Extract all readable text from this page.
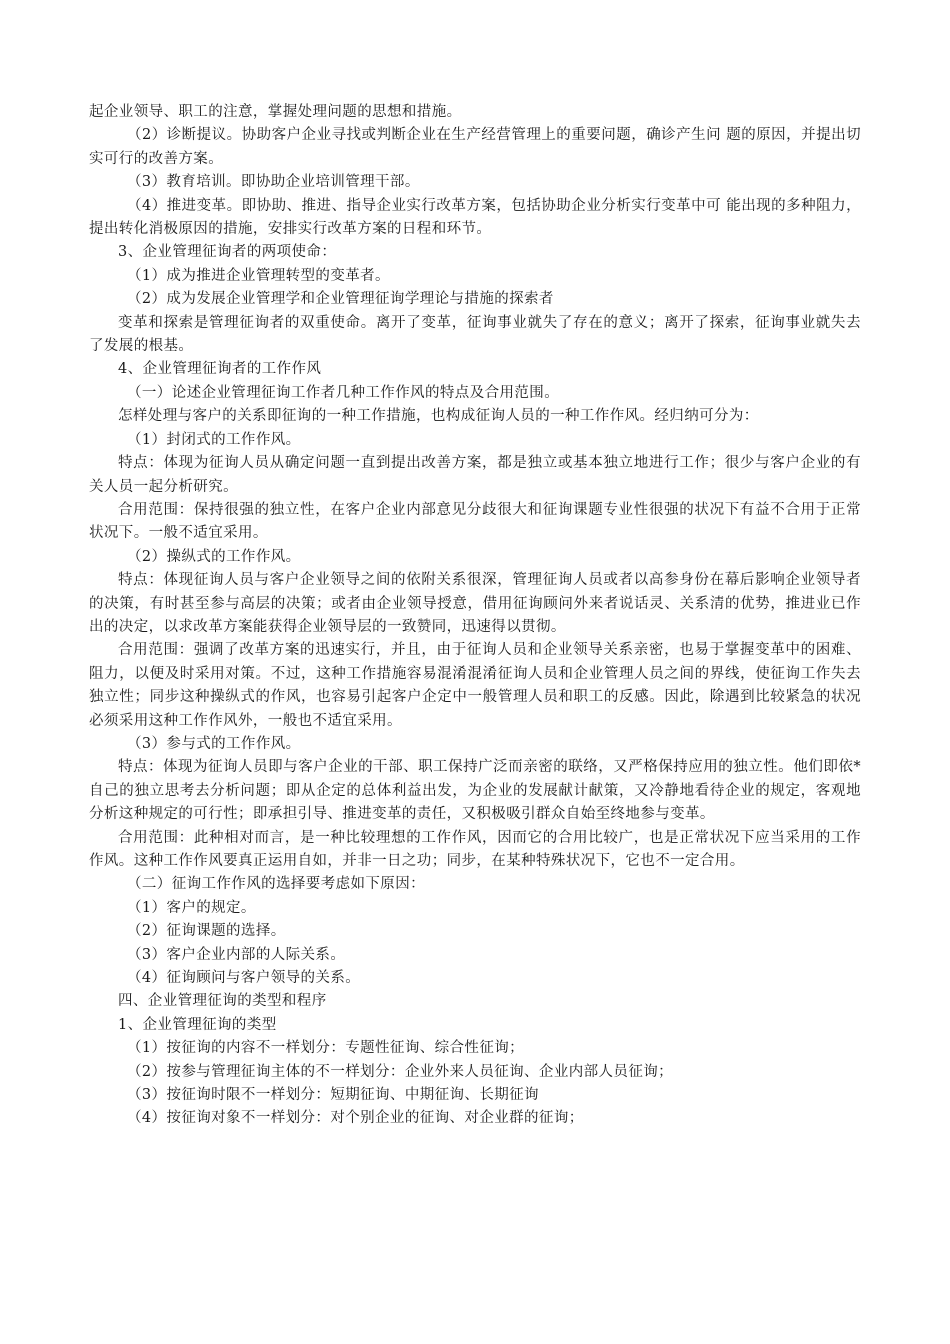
起企业领导、职工的注意，掌握处理问题的思想和措施。

（2）诊断提议。协助客户企业寻找或判断企业在生产经营管理上的重要问题，确诊产生问 题的原因，并提出切实可行的改善方案。

（3）教育培训。即协助企业培训管理干部。

（4）推进变革。即协助、推进、指导企业实行改革方案，包括协助企业分析实行变革中可 能出现的多种阻力，提出转化消极原因的措施，安排实行改革方案的日程和环节。

3、企业管理征询者的两项使命：

（1）成为推进企业管理转型的变革者。

（2）成为发展企业管理学和企业管理征询学理论与措施的探索者

变革和探索是管理征询者的双重使命。离开了变革，征询事业就失了存在的意义；离开了探索，征询事业就失去了发展的根基。

4、企业管理征询者的工作作风

（一）论述企业管理征询工作者几种工作作风的特点及合用范围。

怎样处理与客户的关系即征询的一种工作措施，也构成征询人员的一种工作作风。经归纳可分为：

（1）封闭式的工作作风。

特点：体现为征询人员从确定问题一直到提出改善方案，都是独立或基本独立地进行工作；很少与客户企业的有关人员一起分析研究。

合用范围：保持很强的独立性，在客户企业内部意见分歧很大和征询课题专业性很强的状况下有益不合用于正常状况下。一般不适宜采用。

（2）操纵式的工作作风。

特点：体现征询人员与客户企业领导之间的依附关系很深，管理征询人员或者以高参身份在幕后影响企业领导者的决策，有时甚至参与高层的决策；或者由企业领导授意，借用征询顾问外来者说话灵、关系清的优势，推进业已作出的决定，以求改革方案能获得企业领导层的一致赞同，迅速得以贯彻。

合用范围：强调了改革方案的迅速实行，并且，由于征询人员和企业领导关系亲密，也易于掌握变革中的困难、阻力，以便及时采用对策。不过，这种工作措施容易混淆混淆征询人员和企业管理人员之间的界线，使征询工作失去独立性；同步这种操纵式的作风，也容易引起客户企定中一般管理人员和职工的反感。因此，除遇到比较紧急的状况必须采用这种工作作风外，一般也不适宜采用。

（3）参与式的工作作风。

特点：体现为征询人员即与客户企业的干部、职工保持广泛而亲密的联络，又严格保持应用的独立性。他们即依*自己的独立思考去分析问题；即从企定的总体利益出发，为企业的发展献计献策，又冷静地看待企业的规定，客观地分析这种规定的可行性；即承担引导、推进变革的责任，又积极吸引群众自始至终地参与变革。

合用范围：此种相对而言，是一种比较理想的工作作风，因而它的合用比较广，也是正常状况下应当采用的工作作风。这种工作作风要真正运用自如，并非一日之功；同步，在某种特殊状况下，它也不一定合用。

（二）征询工作作风的选择要考虑如下原因：

（1）客户的规定。

（2）征询课题的选择。

（3）客户企业内部的人际关系。

（4）征询顾问与客户领导的关系。

四、企业管理征询的类型和程序

1、企业管理征询的类型

（1）按征询的内容不一样划分：专题性征询、综合性征询；

（2）按参与管理征询主体的不一样划分：企业外来人员征询、企业内部人员征询；

（3）按征询时限不一样划分：短期征询、中期征询、长期征询

（4）按征询对象不一样划分：对个别企业的征询、对企业群的征询；
